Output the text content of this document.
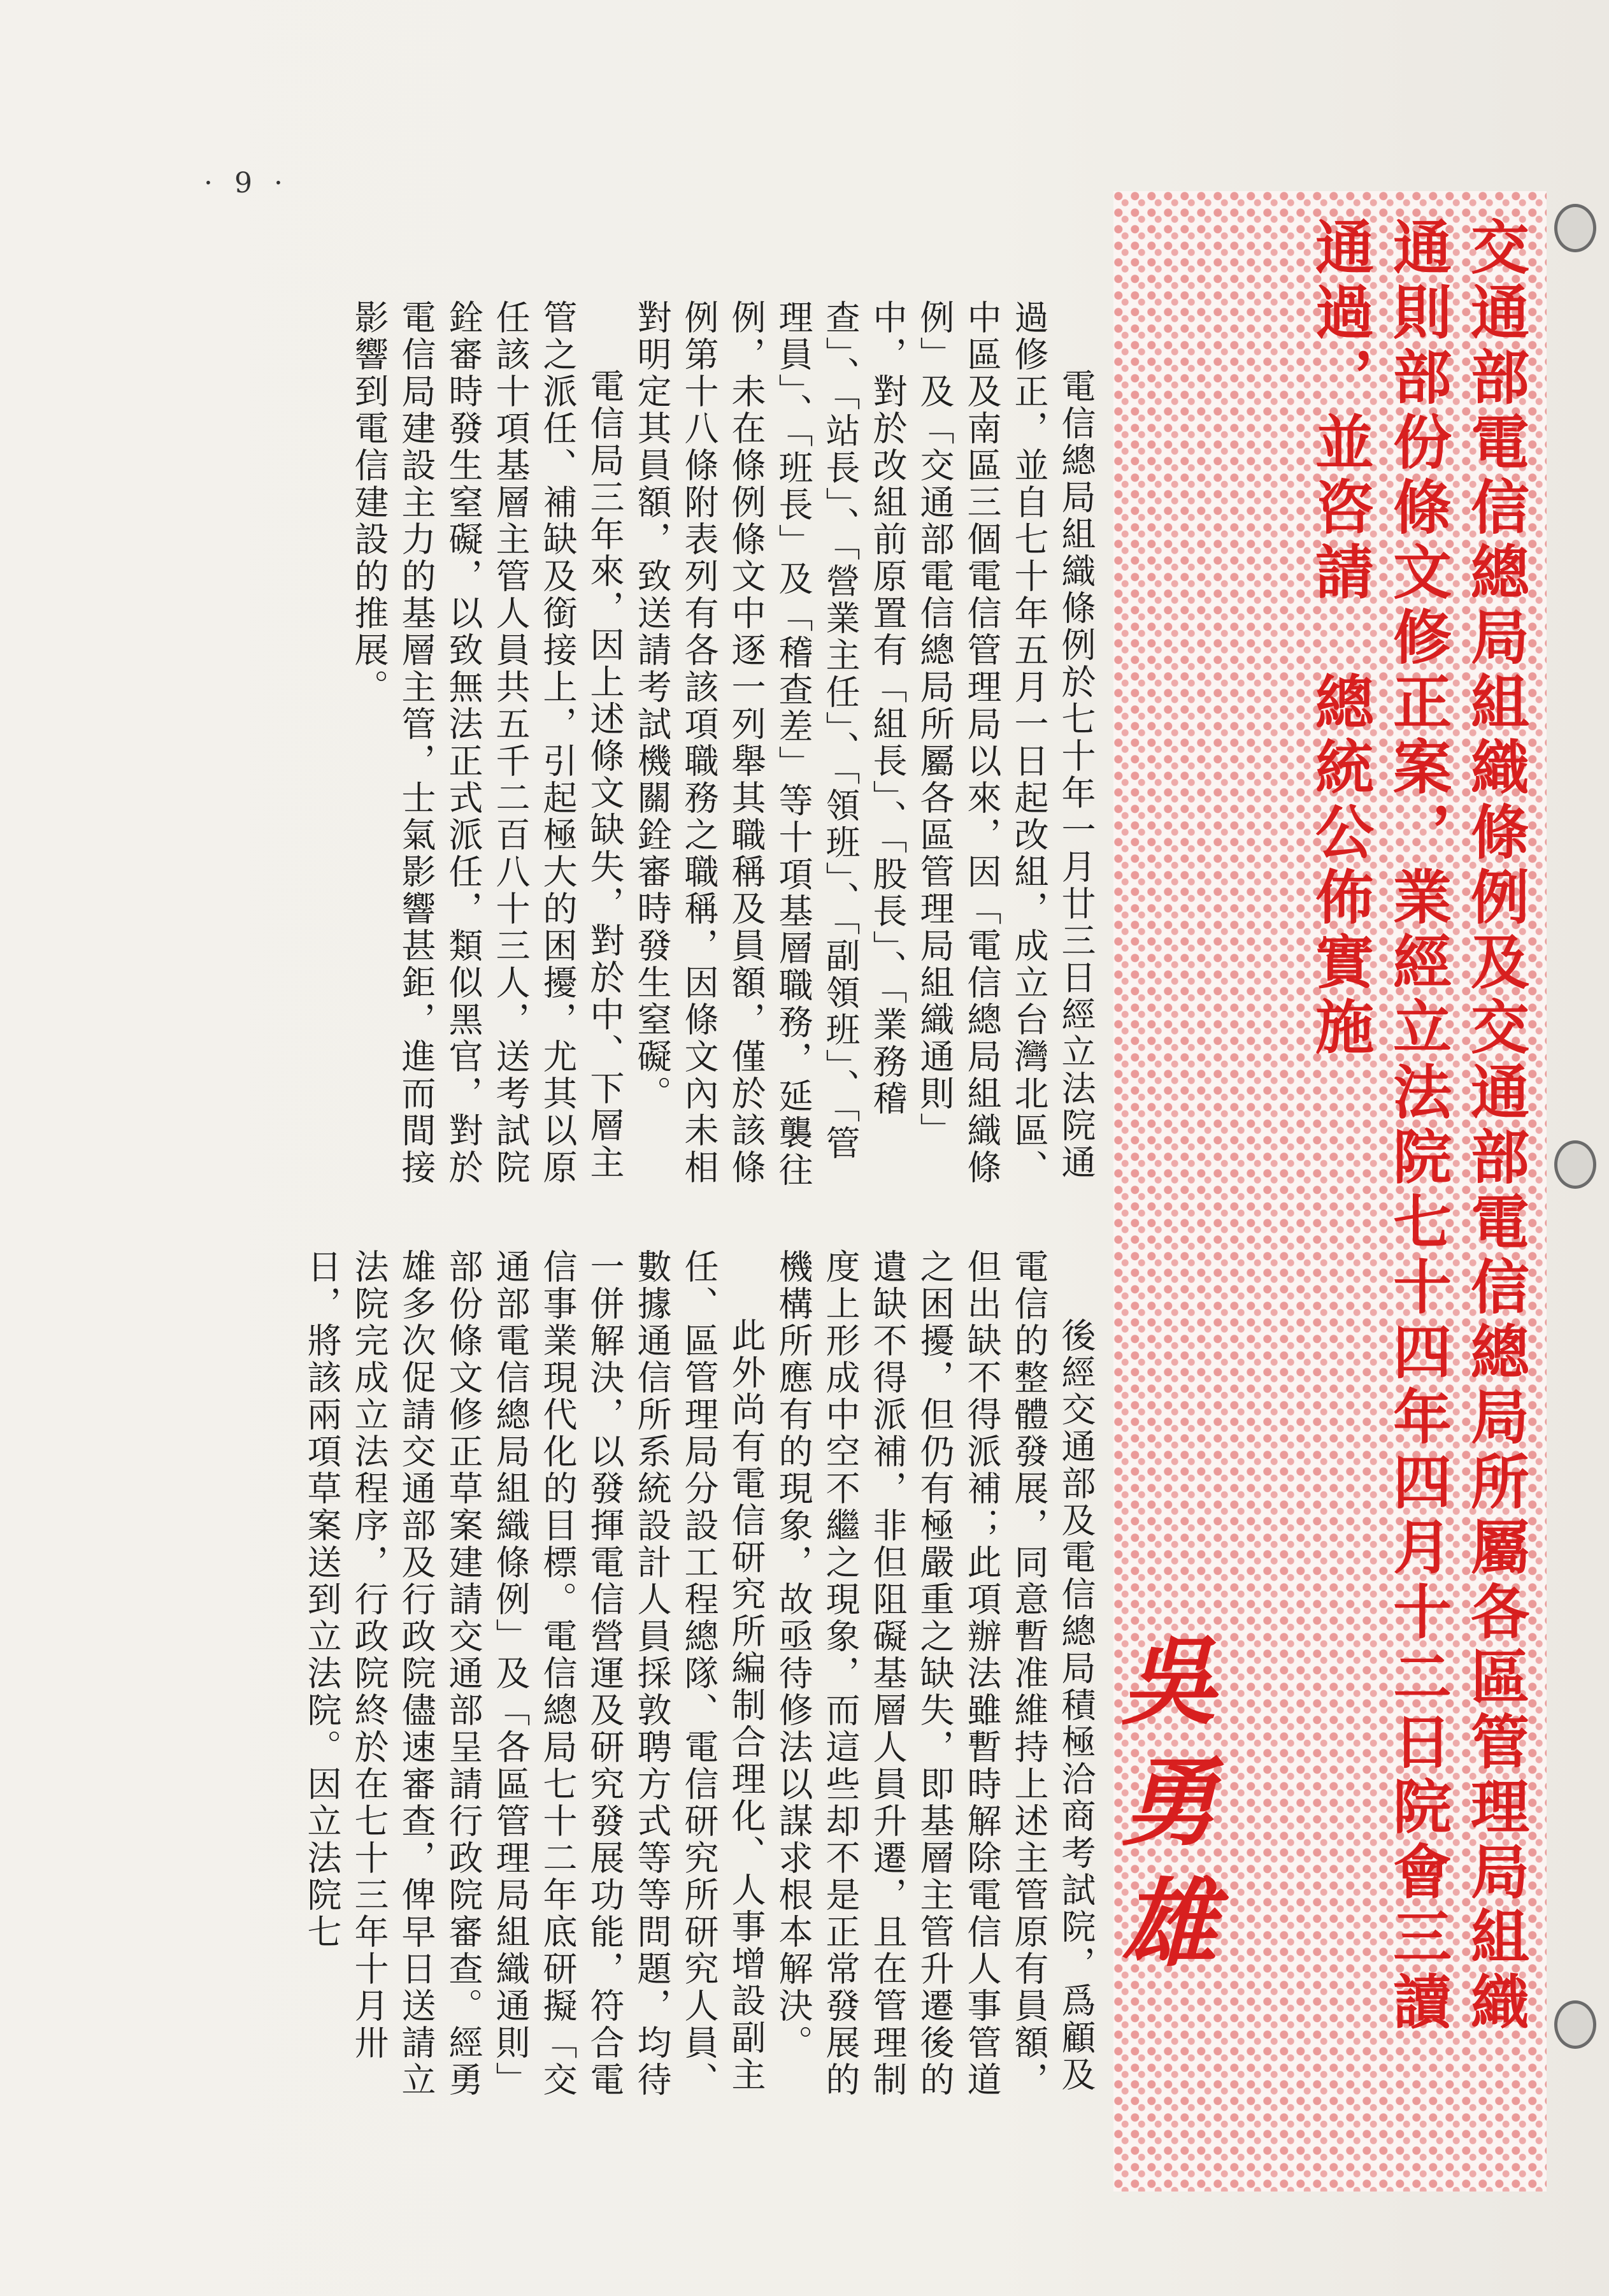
· 9 ·

電信總局組織條例於七十年一月廿三日經立法院通過修正，並自七十年五月一日起改組，成立台灣北區、中區及南區三個電信管理局以來，因「電信總局組織條例」及「交通部電信總局所屬各區管理局組織通則」中，對於改組前原置有「組長」、「股長」、「業務稽查」、「站長」、「營業主任」、「領班」、「副領班」、「管理員」、「班長」及「稽查差」等十項基層職務，延襲往例，未在條例條文中逐一列舉其職稱及員額，僅於該條例第十八條附表列有各該項職務之職稱，因條文內未相對明定其員額，致送請考試機關銓審時發生窒礙。

電信局三年來，因上述條文缺失，對於中、下層主管之派任、補缺及銜接上，引起極大的困擾，尤其以原任該十項基層主管人員共五千二百八十三人，送考試院銓審時發生窒礙，以致無法正式派任，類似黑官，對於電信局建設主力的基層主管，士氣影響甚鉅，進而間接影響到電信建設的推展。

後經交通部及電信總局積極洽商考試院，爲顧及電信的整體發展，同意暫准維持上述主管原有員額，但出缺不得派補；此項辦法雖暫時解除電信人事管道之困擾，但仍有極嚴重之缺失，即基層主管升遷後的遺缺不得派補，非但阻礙基層人員升遷，且在管理制度上形成中空不繼之現象，而這些却不是正常發展的機構所應有的現象，故亟待修法以謀求根本解決。

此外尚有電信研究所編制合理化、人事增設副主任、區管理局分設工程總隊、電信研究所研究人員、數據通信所系統設計人員採敦聘方式等等問題，均待一併解決，以發揮電信營運及研究發展功能，符合電信事業現代化的目標。電信總局七十二年底研擬「交通部電信總局組織條例」及「各區管理局組織通則」部份條文修正草案建請交通部呈請行政院審查。經勇雄多次促請交通部及行政院儘速審查，俾早日送請立法院完成立法程序，行政院終於在七十三年十月卅日，將該兩項草案送到立法院。因立法院七	交通部電信總局組織條例及交通部電信總局所屬各區管理局組織通則部份條文修正案，業經立法院七十四年四月十二日院會三讀通過，並咨請　總統公佈實施
吳勇雄
